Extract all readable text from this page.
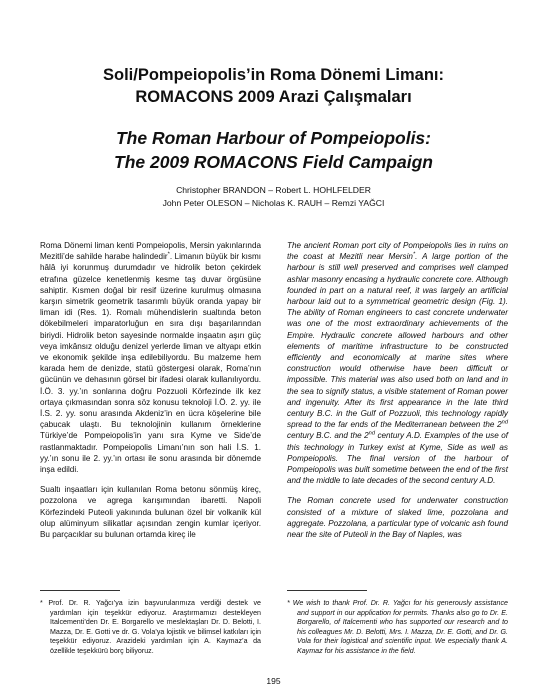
Soli/Pompeiopolis’in Roma Dönemi Limanı:
ROMACONS 2009 Arazi Çalışmaları
The Roman Harbour of Pompeiopolis:
The 2009 ROMACONS Field Campaign
Christopher BRANDON – Robert L. HOHLFELDER
John Peter OLESON – Nicholas K. RAUH – Remzi YAĞCI

Roma Dönemi liman kenti Pompeiopolis, Mersin yakınlarında Mezitli’de sahilde harabe halindedir*. Limanın büyük bir kısmı hâlâ iyi korunmuş durumdadır ve hidrolik beton çekirdek etrafına güzelce kenetlenmiş kesme taş duvar örgüsüne sahiptir. Kısmen doğal bir resif üzerine kurulmuş olmasına karşın simetrik geometrik tasarımlı büyük oranda yapay bir liman idi (Res. 1). Romalı mühendislerin sualtında beton dökebilmeleri imparatorluğun en sıra dışı başarılarından biriydi. Hidrolik beton sayesinde normalde inşaatın aşırı güç veya imkânsız olduğu denizel yerlerde liman ve altyapı etkin ve ekonomik şekilde inşa edilebiliyordu. Bu malzeme hem karada hem de denizde, statü göstergesi olarak, Roma’nın gücünün ve dehasının görsel bir ifadesi olarak kullanılıyordu. İ.Ö. 3. yy.’ın sonlarına doğru Pozzuoli Körfezinde ilk kez ortaya çıkmasından sonra söz konusu teknoloji İ.Ö. 2. yy. ile İ.S. 2. yy. sonu arasında Akdeniz’in en ücra köşelerine bile çabucak ulaştı. Bu teknolojinin kullanım örneklerine Türkiye’de Pompeiopolis’in yanı sıra Kyme ve Side’de rastlanmaktadır. Pompeiopolis Limanı’nın son hali İ.S. 1. yy.’ın sonu ile 2. yy.’ın ortası ile sonu arasında bir dönemde inşa edildi.

Sualtı inşaatları için kullanılan Roma betonu sönmüş kireç, pozzolona ve agrega karışımından ibaretti. Napoli Körfezindeki Puteoli yakınında bulunan özel bir volkanik kül olup alüminyum silikatlar açısından zengin kumlar içeriyor. Bu parçacıklar su bulunan ortamda kireç ile

The ancient Roman port city of Pompeiopolis lies in ruins on the coast at Mezitli near Mersin*. A large portion of the harbour is still well preserved and comprises well clamped ashlar masonry encasing a hydraulic concrete core. Although founded in part on a natural reef, it was largely an artificial harbour laid out to a symmetrical geometric design (Fig. 1). The ability of Roman engineers to cast concrete underwater was one of the most extraordinary achievements of the Empire. Hydraulic concrete allowed harbours and other elements of maritime infrastructure to be constructed efficiently and economically at marine sites where construction would otherwise have been difficult or impossible. This material was also used both on land and in the sea to signify status, a visible statement of Roman power and ingenuity. After its first appearance in the late third century B.C. in the Gulf of Pozzuoli, this technology rapidly spread to the far ends of the Mediterranean between the 2nd century B.C. and the 2nd century A.D. Examples of the use of this technology in Turkey exist at Kyme, Side as well as Pompeiopolis. The final version of the harbour of Pompeiopolis was built sometime between the end of the first and the middle to late decades of the second century A.D.

The Roman concrete used for underwater construction consisted of a mixture of slaked lime, pozzolana and aggregate. Pozzolana, a particular type of volcanic ash found near the site of Puteoli in the Bay of Naples, was

* Prof. Dr. R. Yağcı’ya izin başvurularımıza verdiği destek ve yardımları için teşekkür ediyoruz. Araştırmamızı destekleyen Italcementi’den Dr. E. Borgarello ve meslektaşları Dr. D. Belotti, I. Mazza, Dr. E. Gotti ve dr. G. Vola’ya lojistik ve bilimsel katkıları için teşekkür ediyoruz. Arazideki yardımları için A. Kaymaz’a da özellikle teşekkürü borç biliyoruz.

* We wish to thank Prof. Dr. R. Yağcı for his generously assistance and support in our application for permits. Thanks also go to Dr. E. Borgarello, of Italcementi who has supported our research and to his colleagues Mr. D. Belotti, Mrs. I. Mazza, Dr. E. Gotti, and Dr. G. Vola for their logistical and scientific input. We especially thank A. Kaymaz for his assistance in the field.

195
